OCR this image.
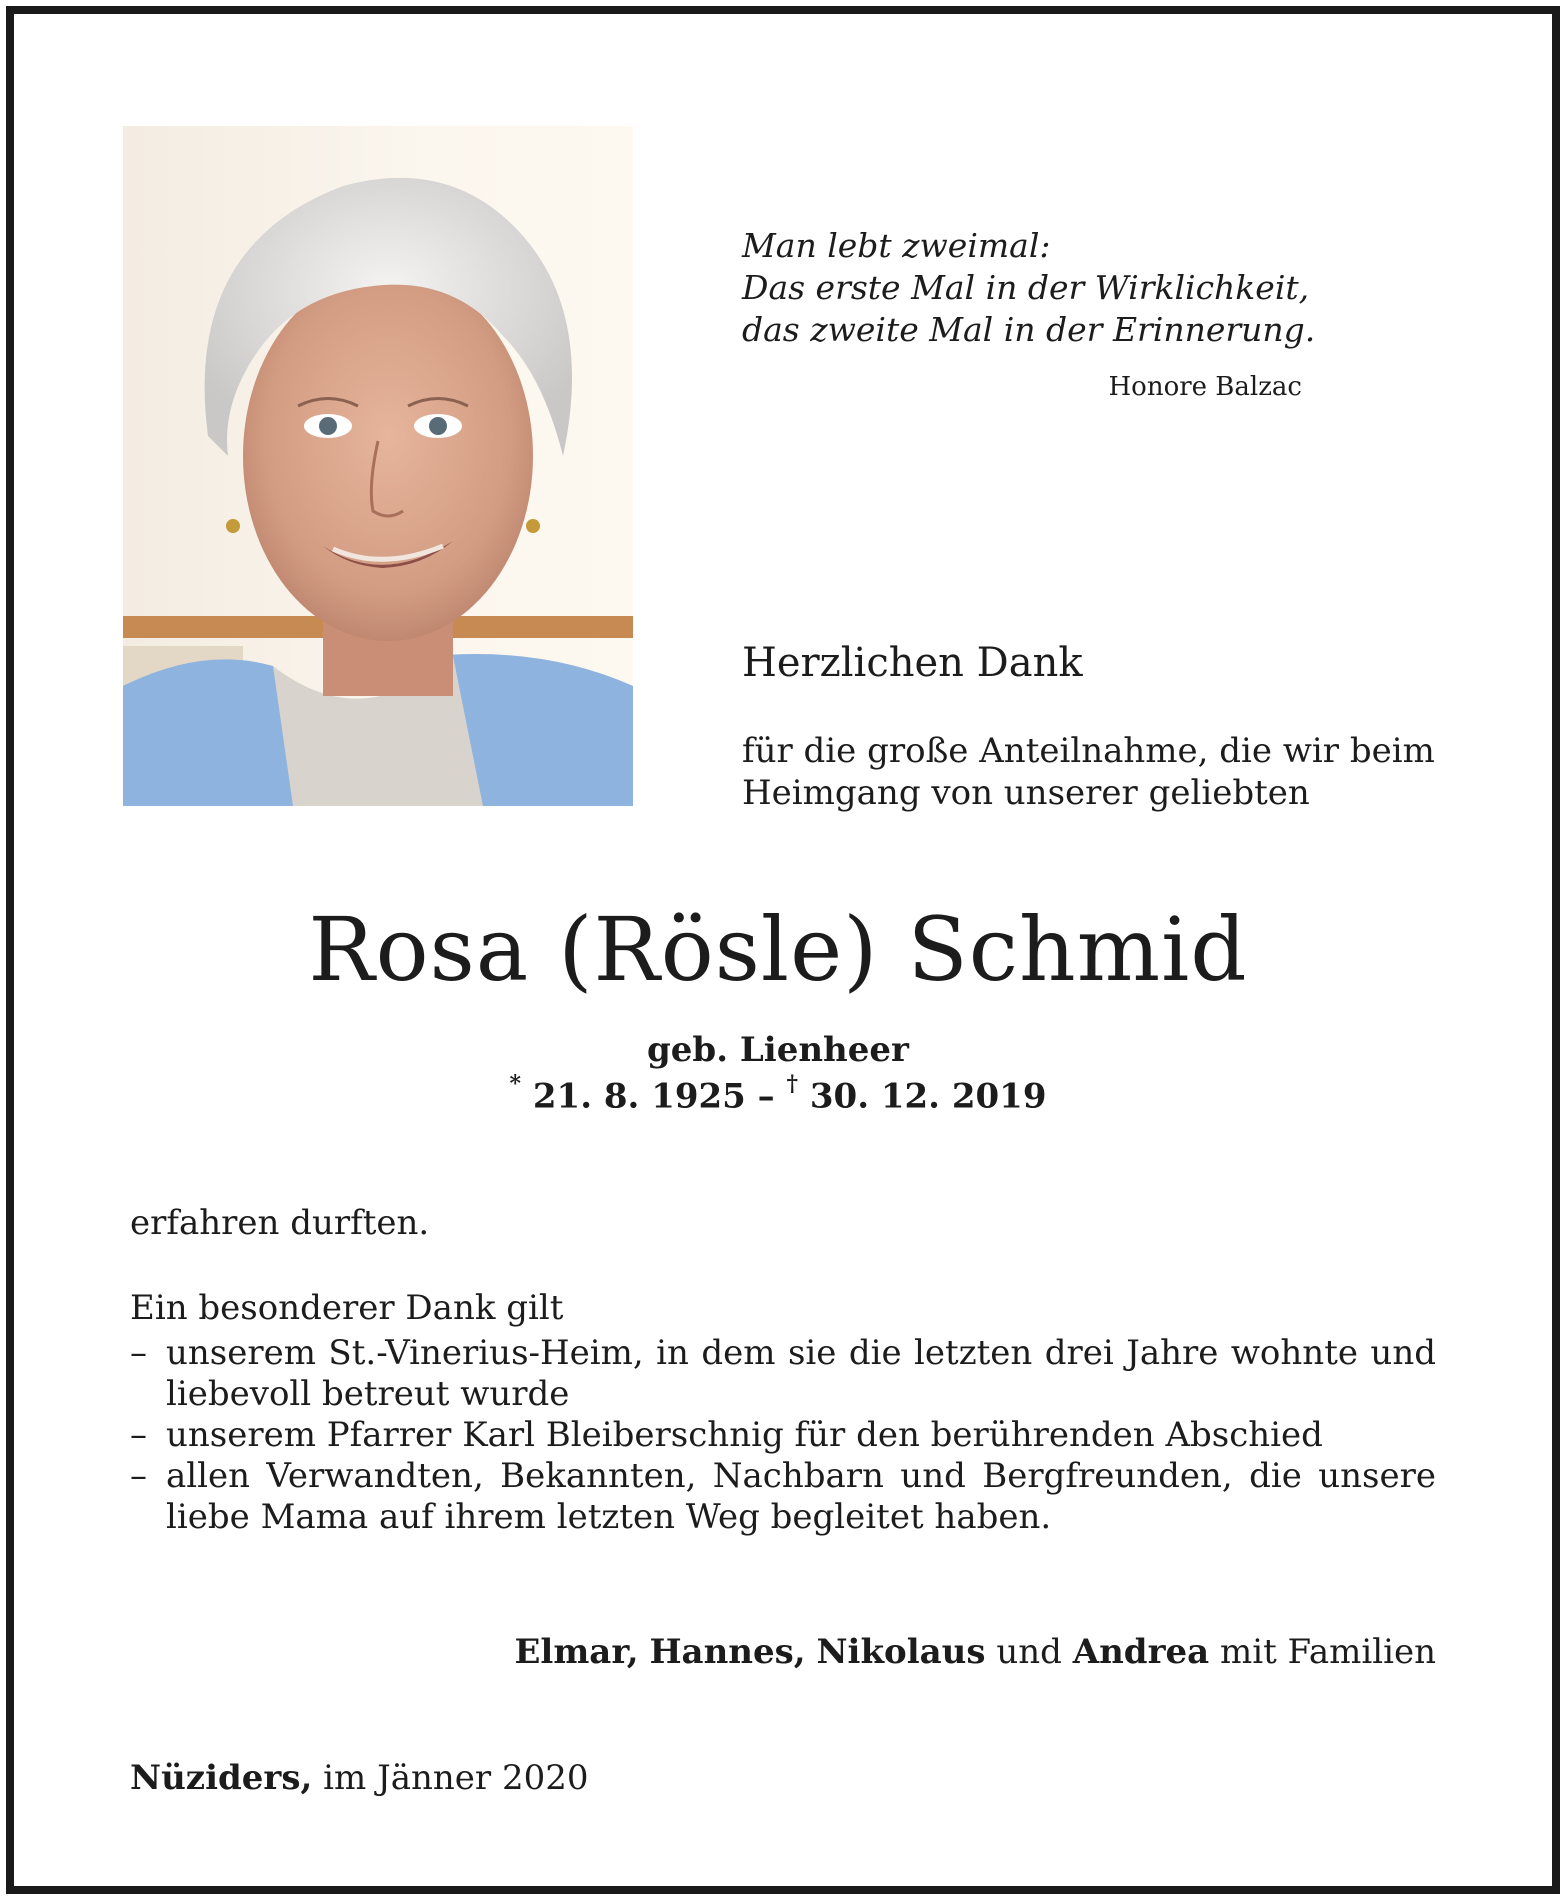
Man lebt zweimal:
Das erste Mal in der Wirklichkeit,
das zweite Mal in der Erinnerung.
Honore Balzac
Herzlichen Dank
für die große Anteilnahme, die wir beim
Heimgang von unserer geliebten
Rosa (Rösle) Schmid
geb. Lienheer
* 21. 8. 1925 – † 30. 12. 2019
erfahren durften.
Ein besonderer Dank gilt
– unserem St.-Vinerius-Heim, in dem sie die letzten drei Jahre wohnte und liebevoll betreut wurde
– unserem Pfarrer Karl Bleiberschnig für den berührenden Abschied
– allen Verwandten, Bekannten, Nachbarn und Bergfreunden, die unsere liebe Mama auf ihrem letzten Weg begleitet haben.
Elmar, Hannes, Nikolaus und Andrea mit Familien
Nüziders, im Jänner 2020
